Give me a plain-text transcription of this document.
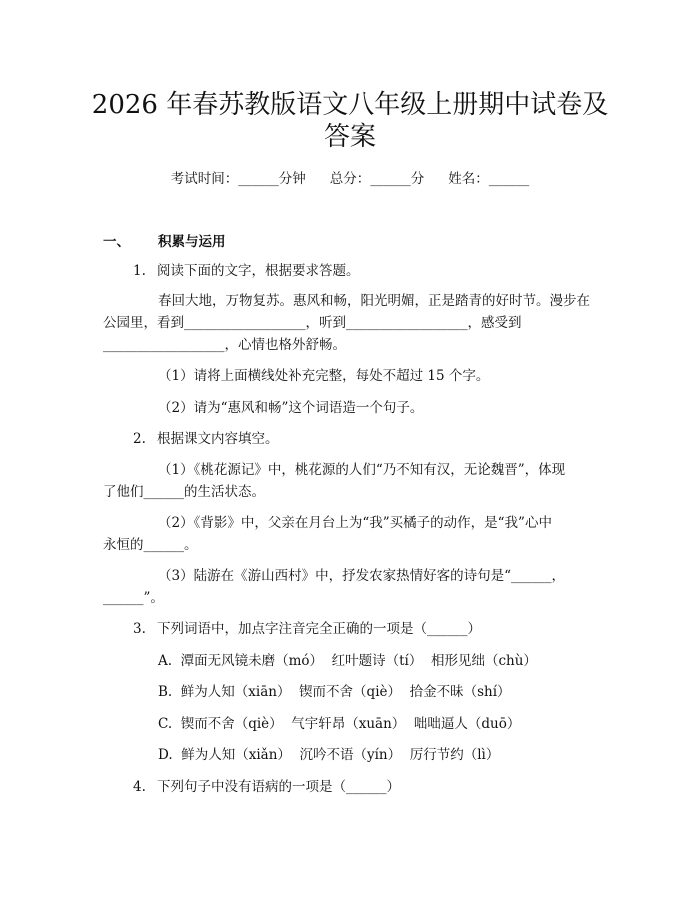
2026 年春苏教版语文八年级上册期中试卷及
答案
考试时间：______分钟 总分：______分 姓名：______
一、 积累与运用
1. 阅读下面的文字，根据要求答题。
春回大地，万物复苏。惠风和畅，阳光明媚，正是踏青的好时节。漫步在
公园里，看到__________________，听到__________________，感受到
__________________，心情也格外舒畅。
（1）请将上面横线处补充完整，每处不超过 15 个字。
（2）请为“惠风和畅”这个词语造一个句子。
2. 根据课文内容填空。
（1）《桃花源记》中，桃花源的人们“乃不知有汉，无论魏晋”，体现
了他们______的生活状态。
（2）《背影》中，父亲在月台上为“我”买橘子的动作，是“我”心中
永恒的______。
（3）陆游在《游山西村》中，抒发农家热情好客的诗句是“______，
______”。
3. 下列词语中，加点字注音完全正确的一项是（______）
A.  潭面无风镜未磨（mó）  红叶题诗（tí）  相形见绌（chù）
B.  鲜为人知（xiān）  锲而不舍（qiè）  拾金不昧（shí）
C.  锲而不舍（qiè）  气宇轩昂（xuān）  咄咄逼人（duō）
D.  鲜为人知（xiǎn）  沉吟不语（yín）  厉行节约（lì）
4. 下列句子中没有语病的一项是（______）
